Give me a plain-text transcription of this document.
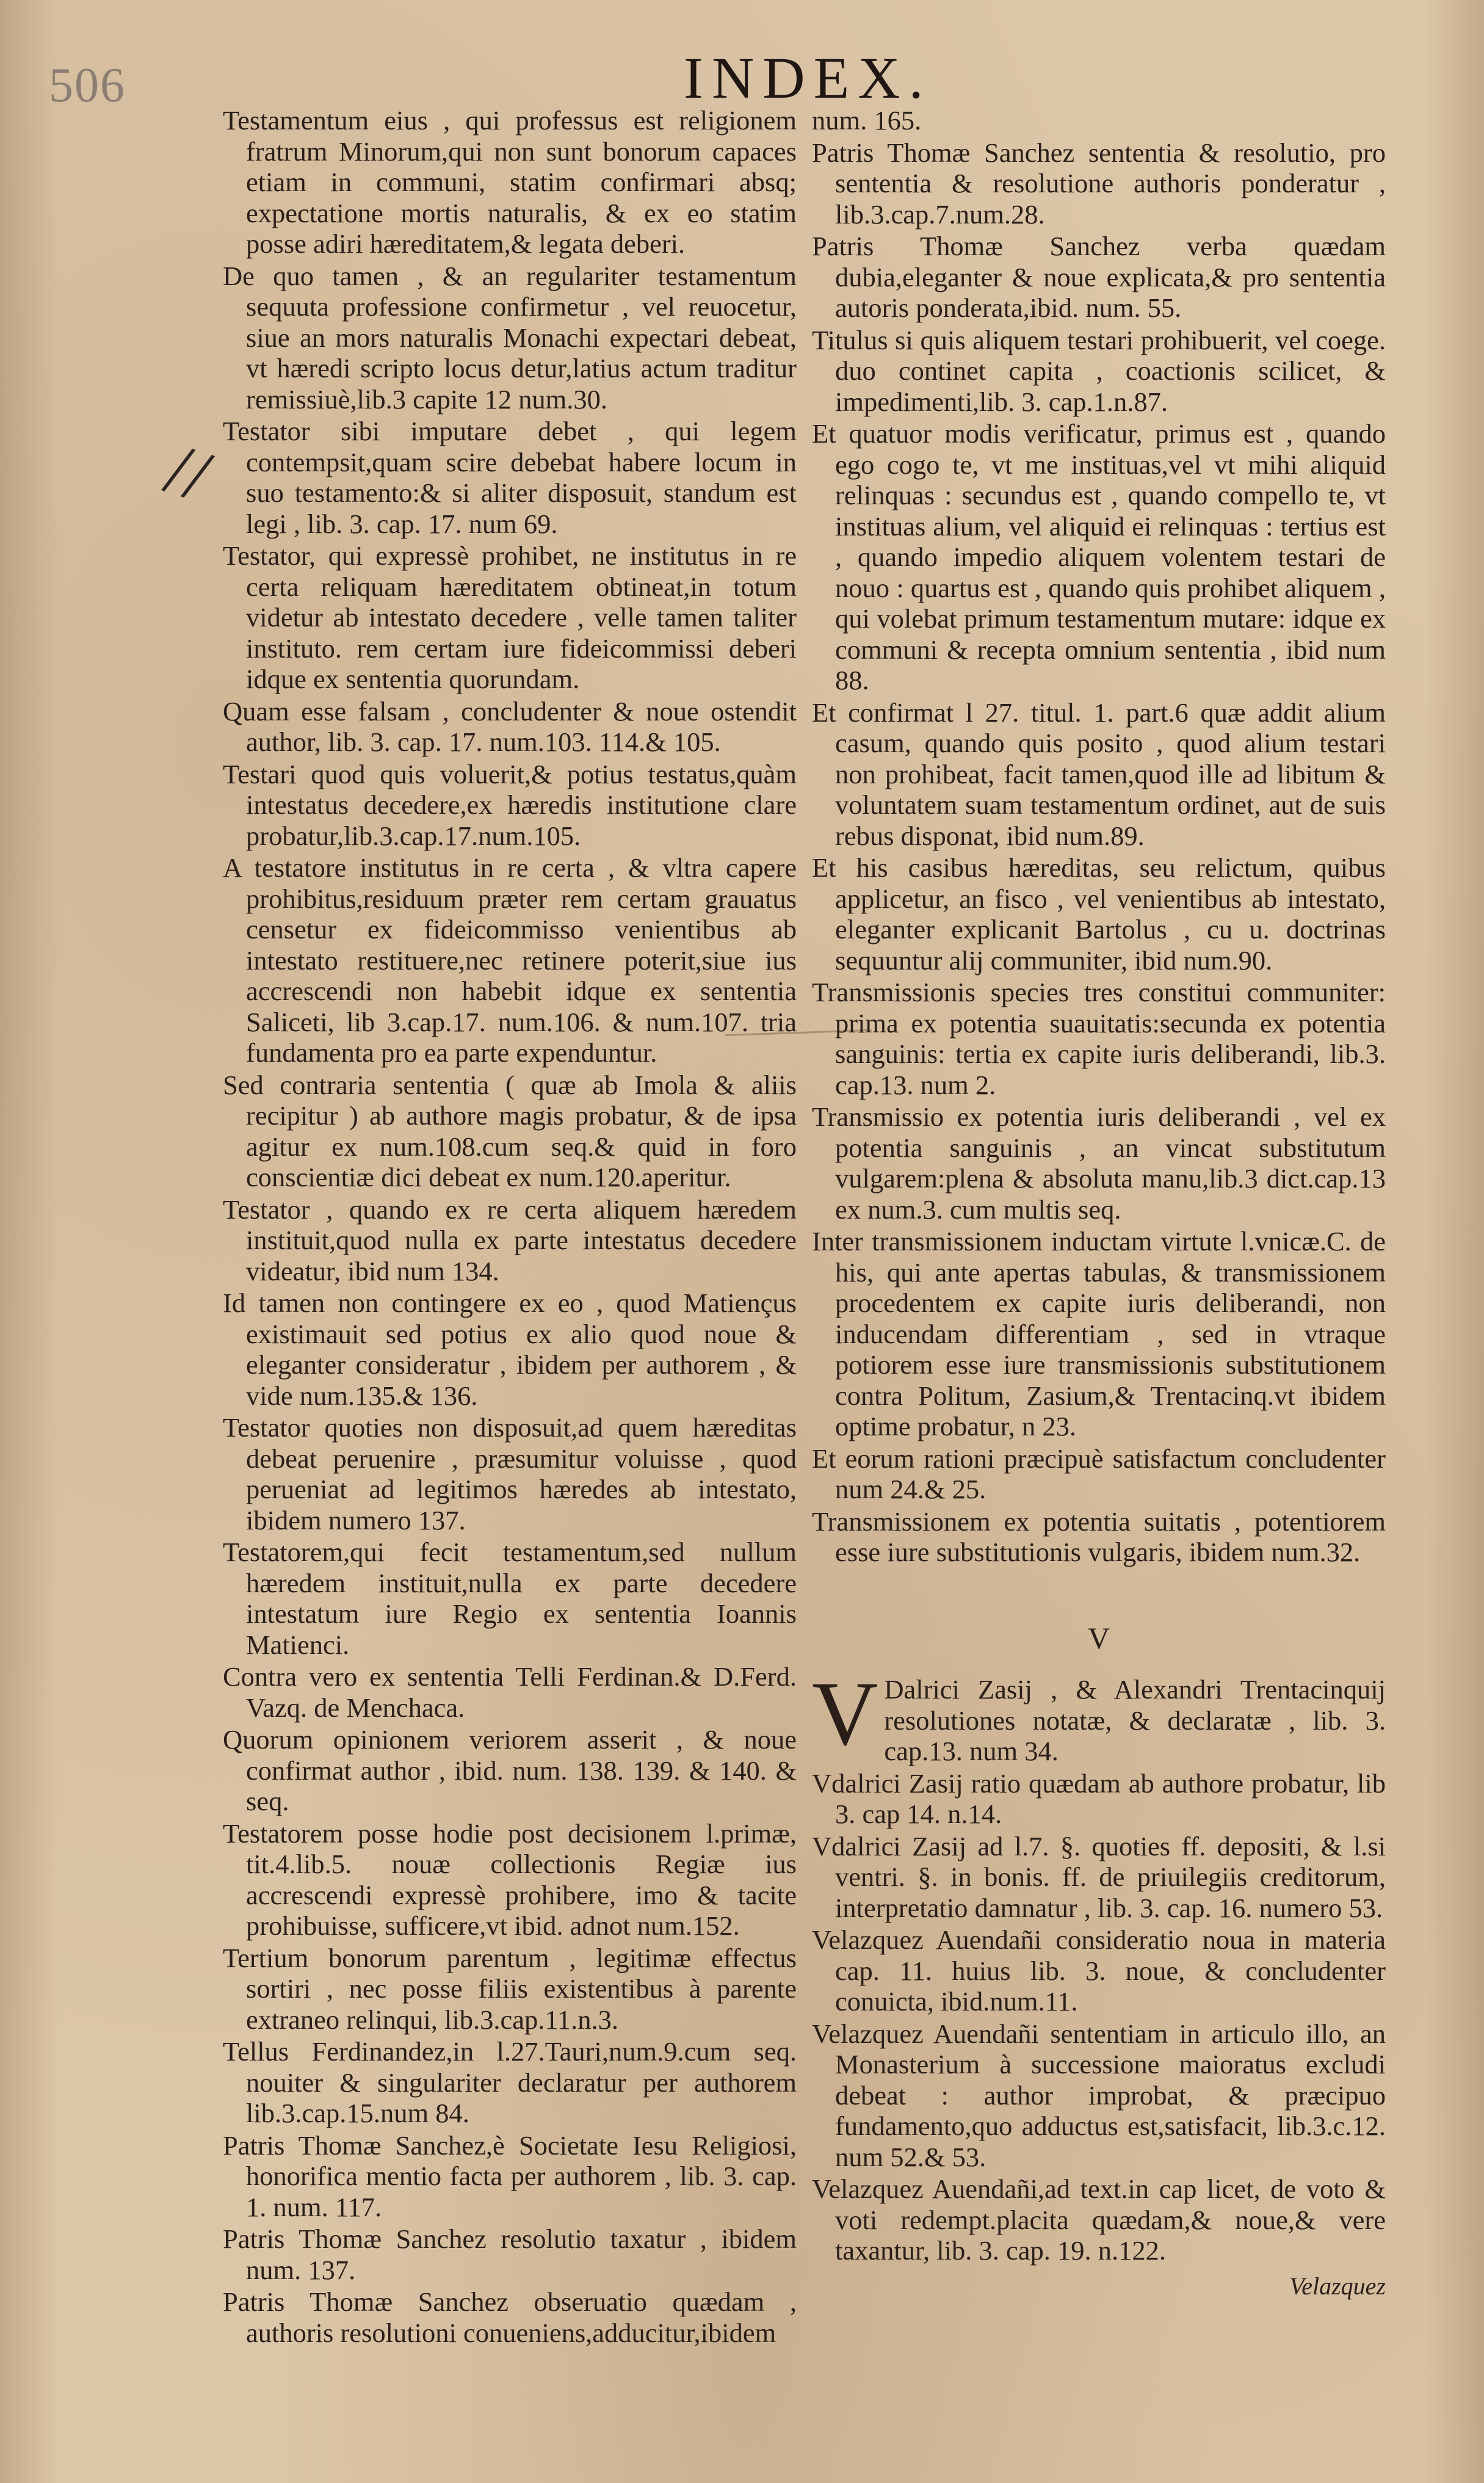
506	INDEX.
//

Testamentum eius , qui professus est religionem fratrum Minorum,qui non sunt bonorum capaces etiam in communi, statim confirmari absq; expectatione mortis naturalis, & ex eo statim posse adiri hæreditatem,& legata deberi.

De quo tamen , & an regulariter testamentum sequuta professione confirmetur , vel reuocetur, siue an mors naturalis Monachi expectari debeat, vt hæredi scripto locus detur,latius actum traditur remissiuè,lib.3 capite 12 num.30.

Testator sibi imputare debet , qui legem contempsit,quam scire debebat habere locum in suo testamento:& si aliter disposuit, standum est legi , lib. 3. cap. 17. num 69.

Testator, qui expressè prohibet, ne institutus in re certa reliquam hæreditatem obtineat,in totum videtur ab intestato decedere , velle tamen taliter instituto. rem certam iure fideicommissi deberi idque ex sententia quorundam.

Quam esse falsam , concludenter & noue ostendit author, lib. 3. cap. 17. num.103. 114.& 105.

Testari quod quis voluerit,& potius testatus,quàm intestatus decedere,ex hæredis institutione clare probatur,lib.3.cap.17.num.105.

A testatore institutus in re certa , & vltra capere prohibitus,residuum præter rem certam grauatus censetur ex fideicommisso venientibus ab intestato restituere,nec retinere poterit,siue ius accrescendi non habebit idque ex sententia Saliceti, lib 3.cap.17. num.106. & num.107. tria fundamenta pro ea parte expenduntur.

Sed contraria sententia ( quæ ab Imola & aliis recipitur ) ab authore magis probatur, & de ipsa agitur ex num.108.cum seq.& quid in foro conscientiæ dici debeat ex num.120.aperitur.

Testator , quando ex re certa aliquem hæredem instituit,quod nulla ex parte intestatus decedere videatur, ibid num 134.

Id tamen non contingere ex eo , quod Matiençus existimauit sed potius ex alio quod noue & eleganter consideratur , ibidem per authorem , & vide num.135.& 136.

Testator quoties non disposuit,ad quem hæreditas debeat peruenire , præsumitur voluisse , quod perueniat ad legitimos hæredes ab intestato, ibidem numero 137.

Testatorem,qui fecit testamentum,sed nullum hæredem instituit,nulla ex parte decedere intestatum iure Regio ex sententia Ioannis Matienci.

Contra vero ex sententia Telli Ferdinan.& D.Ferd. Vazq. de Menchaca.

Quorum opinionem veriorem asserit , & noue confirmat author , ibid. num. 138. 139. & 140. & seq.

Testatorem posse hodie post decisionem l.primæ, tit.4.lib.5. nouæ collectionis Regiæ ius accrescendi expressè prohibere, imo & tacite prohibuisse, sufficere,vt ibid. adnot num.152.

Tertium bonorum parentum , legitimæ effectus sortiri , nec posse filiis existentibus à parente extraneo relinqui, lib.3.cap.11.n.3.

Tellus Ferdinandez,in l.27.Tauri,num.9.cum seq. nouiter & singulariter declaratur per authorem lib.3.cap.15.num 84.

Patris Thomæ Sanchez,è Societate Iesu Religiosi, honorifica mentio facta per authorem , lib. 3. cap. 1. num. 117.

Patris Thomæ Sanchez resolutio taxatur , ibidem num. 137.

Patris Thomæ Sanchez obseruatio quædam , authoris resolutioni conueniens,adducitur,ibidem

num. 165.

Patris Thomæ Sanchez sententia & resolutio, pro sententia & resolutione authoris ponderatur , lib.3.cap.7.num.28.

Patris Thomæ Sanchez verba quædam dubia,eleganter & noue explicata,& pro sententia autoris ponderata,ibid. num. 55.

Titulus si quis aliquem testari prohibuerit, vel coege. duo continet capita , coactionis scilicet, & impedimenti,lib. 3. cap.1.n.87.

Et quatuor modis verificatur, primus est , quando ego cogo te, vt me instituas,vel vt mihi aliquid relinquas : secundus est , quando compello te, vt instituas alium, vel aliquid ei relinquas : tertius est , quando impedio aliquem volentem testari de nouo : quartus est , quando quis prohibet aliquem , qui volebat primum testamentum mutare: idque ex communi & recepta omnium sententia , ibid num 88.

Et confirmat l 27. titul. 1. part.6 quæ addit alium casum, quando quis posito , quod alium testari non prohibeat, facit tamen,quod ille ad libitum & voluntatem suam testamentum ordinet, aut de suis rebus disponat, ibid num.89.

Et his casibus hæreditas, seu relictum, quibus applicetur, an fisco , vel venientibus ab intestato, eleganter explicanit Bartolus , cu u. doctrinas sequuntur alij communiter, ibid num.90.

Transmissionis species tres constitui communiter: prima ex potentia suauitatis:secunda ex potentia sanguinis: tertia ex capite iuris deliberandi, lib.3. cap.13. num 2.

Transmissio ex potentia iuris deliberandi , vel ex potentia sanguinis , an vincat substitutum vulgarem:plena & absoluta manu,lib.3 dict.cap.13 ex num.3. cum multis seq.

Inter transmissionem inductam virtute l.vnicæ.C. de his, qui ante apertas tabulas, & transmissionem procedentem ex capite iuris deliberandi, non inducendam differentiam , sed in vtraque potiorem esse iure transmissionis substitutionem contra Politum, Zasium,& Trentacinq.vt ibidem optime probatur, n 23.

Et eorum rationi præcipuè satisfactum concludenter num 24.& 25.

Transmissionem ex potentia suitatis , potentiorem esse iure substitutionis vulgaris, ibidem num.32.

V

V Dalrici Zasij , & Alexandri Trentacinquij resolutiones notatæ, & declaratæ , lib. 3. cap.13. num 34.

Vdalrici Zasij ratio quædam ab authore probatur, lib 3. cap 14. n.14.

Vdalrici Zasij ad l.7. §. quoties ff. depositi, & l.si ventri. §. in bonis. ff. de priuilegiis creditorum, interpretatio damnatur , lib. 3. cap. 16. numero 53.

Velazquez Auendañi consideratio noua in materia cap. 11. huius lib. 3. noue, & concludenter conuicta, ibid.num.11.

Velazquez Auendañi sententiam in articulo illo, an Monasterium à successione maioratus excludi debeat : author improbat, & præcipuo fundamento,quo adductus est,satisfacit, lib.3.c.12. num 52.& 53.

Velazquez Auendañi,ad text.in cap licet, de voto & voti redempt.placita quædam,& noue,& vere taxantur, lib. 3. cap. 19. n.122.

Velazquez
